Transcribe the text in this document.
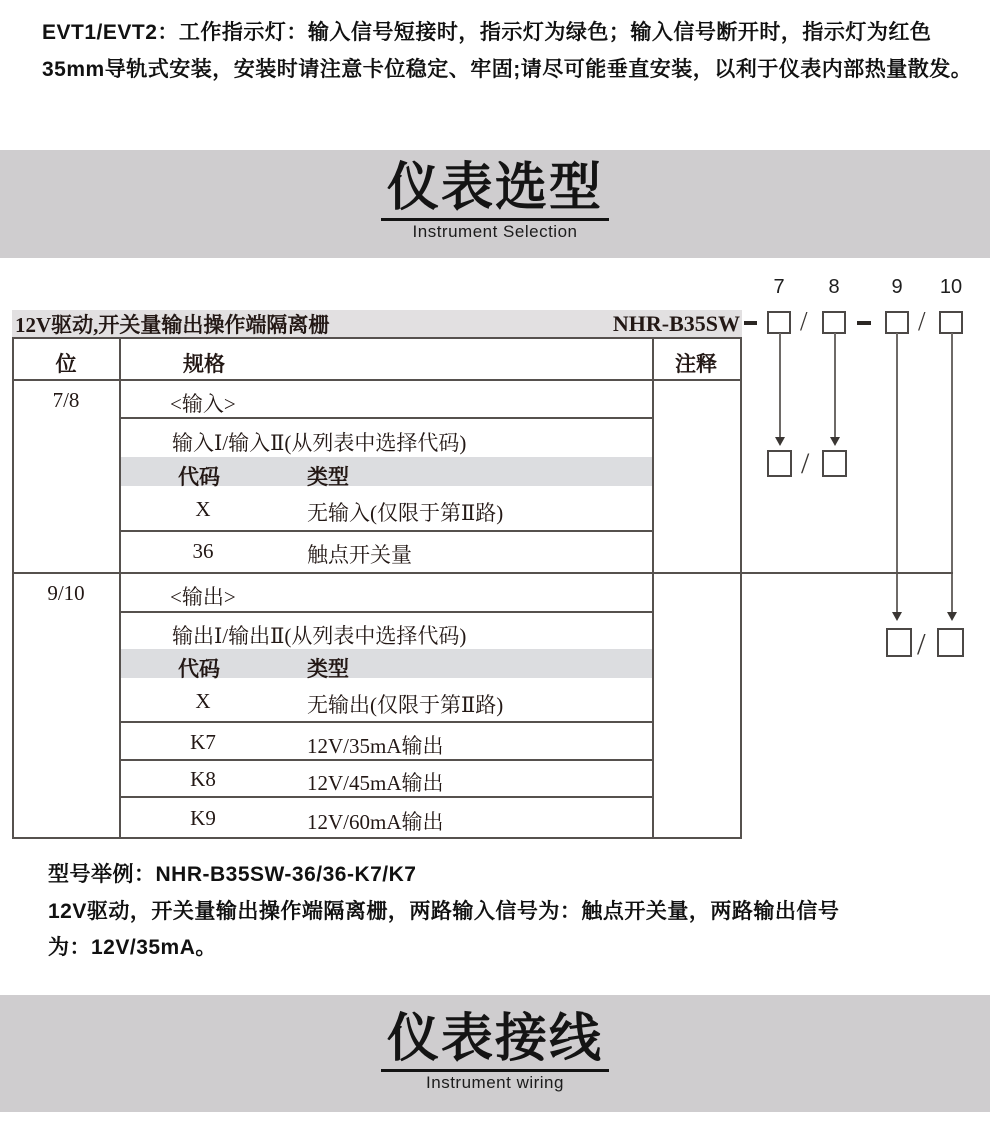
EVT1/EVT2：工作指示灯：输入信号短接时，指示灯为绿色；输入信号断开时，指示灯为红色
35mm导轨式安装，安装时请注意卡位稳定、牢固;请尽可能垂直安装，以利于仪表内部热量散发。
仪表选型
Instrument Selection
12V驱动,开关量输出操作端隔离栅	NHR-B35SW
7	8	9	10
/	/
/
/
位	规格	注释
7/8	<输入>
输入Ⅰ/输入Ⅱ(从列表中选择代码)
代码	类型
X	无输入(仅限于第Ⅱ路)
36	触点开关量
9/10	<输出>
输出Ⅰ/输出Ⅱ(从列表中选择代码)
代码	类型
X	无输出(仅限于第Ⅱ路)
K7	12V/35mA输出
K8	12V/45mA输出
K9	12V/60mA输出
型号举例：NHR-B35SW-36/36-K7/K7
12V驱动，开关量输出操作端隔离栅，两路输入信号为：触点开关量，两路输出信号
为：12V/35mA。
仪表接线
Instrument wiring
